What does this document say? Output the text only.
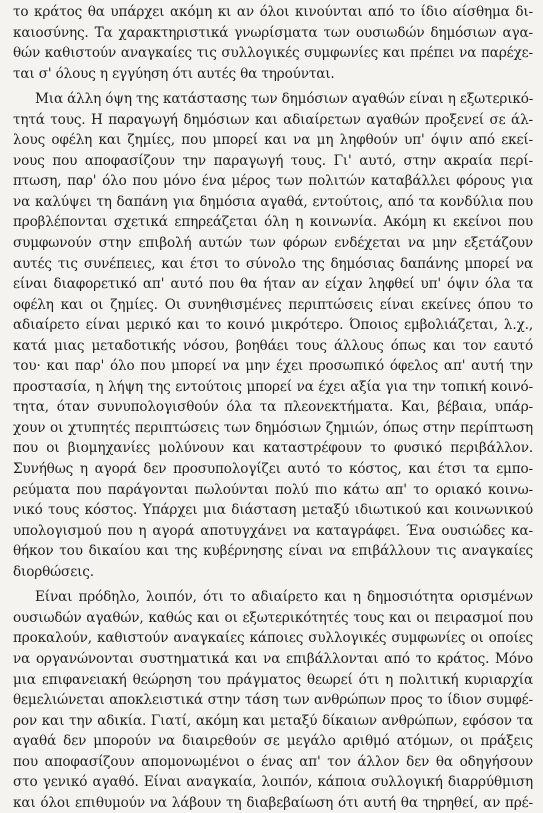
το κράτος θα υπάρχει ακόμη κι αν όλοι κινούνται από το ίδιο αίσθημα δι-
καιοσύνης. Τα χαρακτηριστικά γνωρίσματα των ουσιωδών δημόσιων αγα-
θών καθιστούν αναγκαίες τις συλλογικές συμφωνίες και πρέπει να παρέχε-
ται σ' όλους η εγγύηση ότι αυτές θα τηρούνται.

Μια άλλη όψη της κατάστασης των δημόσιων αγαθών είναι η εξωτερικό-
τητά τους. Η παραγωγή δημόσιων και αδιαίρετων αγαθών προξενεί σε άλ-
λους οφέλη και ζημίες, που μπορεί και να μη ληφθούν υπ' όψιν από εκεί-
νους που αποφασίζουν την παραγωγή τους. Γι' αυτό, στην ακραία περί-
πτωση, παρ' όλο που μόνο ένα μέρος των πολιτών καταβάλλει φόρους για
να καλύψει τη δαπάνη για δημόσια αγαθά, εντούτοις, από τα κονδύλια που
προβλέπονται σχετικά επηρεάζεται όλη η κοινωνία. Ακόμη κι εκείνοι που
συμφωνούν στην επιβολή αυτών των φόρων ενδέχεται να μην εξετάζουν
αυτές τις συνέπειες, και έτσι το σύνολο της δημόσιας δαπάνης μπορεί να
είναι διαφορετικό απ' αυτό που θα ήταν αν είχαν ληφθεί υπ' όψιν όλα τα
οφέλη και οι ζημίες. Οι συνηθισμένες περιπτώσεις είναι εκείνες όπου το
αδιαίρετο είναι μερικό και το κοινό μικρότερο. Όποιος εμβολιάζεται, λ.χ.,
κατά μιας μεταδοτικής νόσου, βοηθάει τους άλλους όπως και τον εαυτό
του· και παρ' όλο που μπορεί να μην έχει προσωπικό όφελος απ' αυτή την
προστασία, η λήψη της εντούτοις μπορεί να έχει αξία για την τοπική κοινό-
τητα, όταν συνυπολογισθούν όλα τα πλεονεκτήματα. Και, βέβαια, υπάρ-
χουν οι χτυπητές περιπτώσεις των δημόσιων ζημιών, όπως στην περίπτωση
που οι βιομηχανίες μολύνουν και καταστρέφουν το φυσικό περιβάλλον.
Συνήθως η αγορά δεν προσυπολογίζει αυτό το κόστος, και έτσι τα εμπο-
ρεύματα που παράγονται πωλούνται πολύ πιο κάτω απ' το οριακό κοινω-
νικό τους κόστος. Υπάρχει μια διάσταση μεταξύ ιδιωτικού και κοινωνικού
υπολογισμού που η αγορά αποτυγχάνει να καταγράφει. Ένα ουσιώδες κα-
θήκον του δικαίου και της κυβέρνησης είναι να επιβάλλουν τις αναγκαίες
διορθώσεις.

Είναι πρόδηλο, λοιπόν, ότι το αδιαίρετο και η δημοσιότητα ορισμένων
ουσιωδών αγαθών, καθώς και οι εξωτερικότητές τους και οι πειρασμοί που
προκαλούν, καθιστούν αναγκαίες κάποιες συλλογικές συμφωνίες οι οποίες
να οργανώνονται συστηματικά και να επιβάλλονται από το κράτος. Μόνο
μια επιφανειακή θεώρηση του πράγματος θεωρεί ότι η πολιτική κυριαρχία
θεμελιώνεται αποκλειστικά στην τάση των ανθρώπων προς το ίδιον συμφέ-
ρον και την αδικία. Γιατί, ακόμη και μεταξύ δίκαιων ανθρώπων, εφόσον τα
αγαθά δεν μπορούν να διαιρεθούν σε μεγάλο αριθμό ατόμων, οι πράξεις
που αποφασίζουν απομονωμένοι ο ένας απ' τον άλλον δεν θα οδηγήσουν
στο γενικό αγαθό. Είναι αναγκαία, λοιπόν, κάποια συλλογική διαρρύθμιση
και όλοι επιθυμούν να λάβουν τη διαβεβαίωση ότι αυτή θα τηρηθεί, αν πρέ-
